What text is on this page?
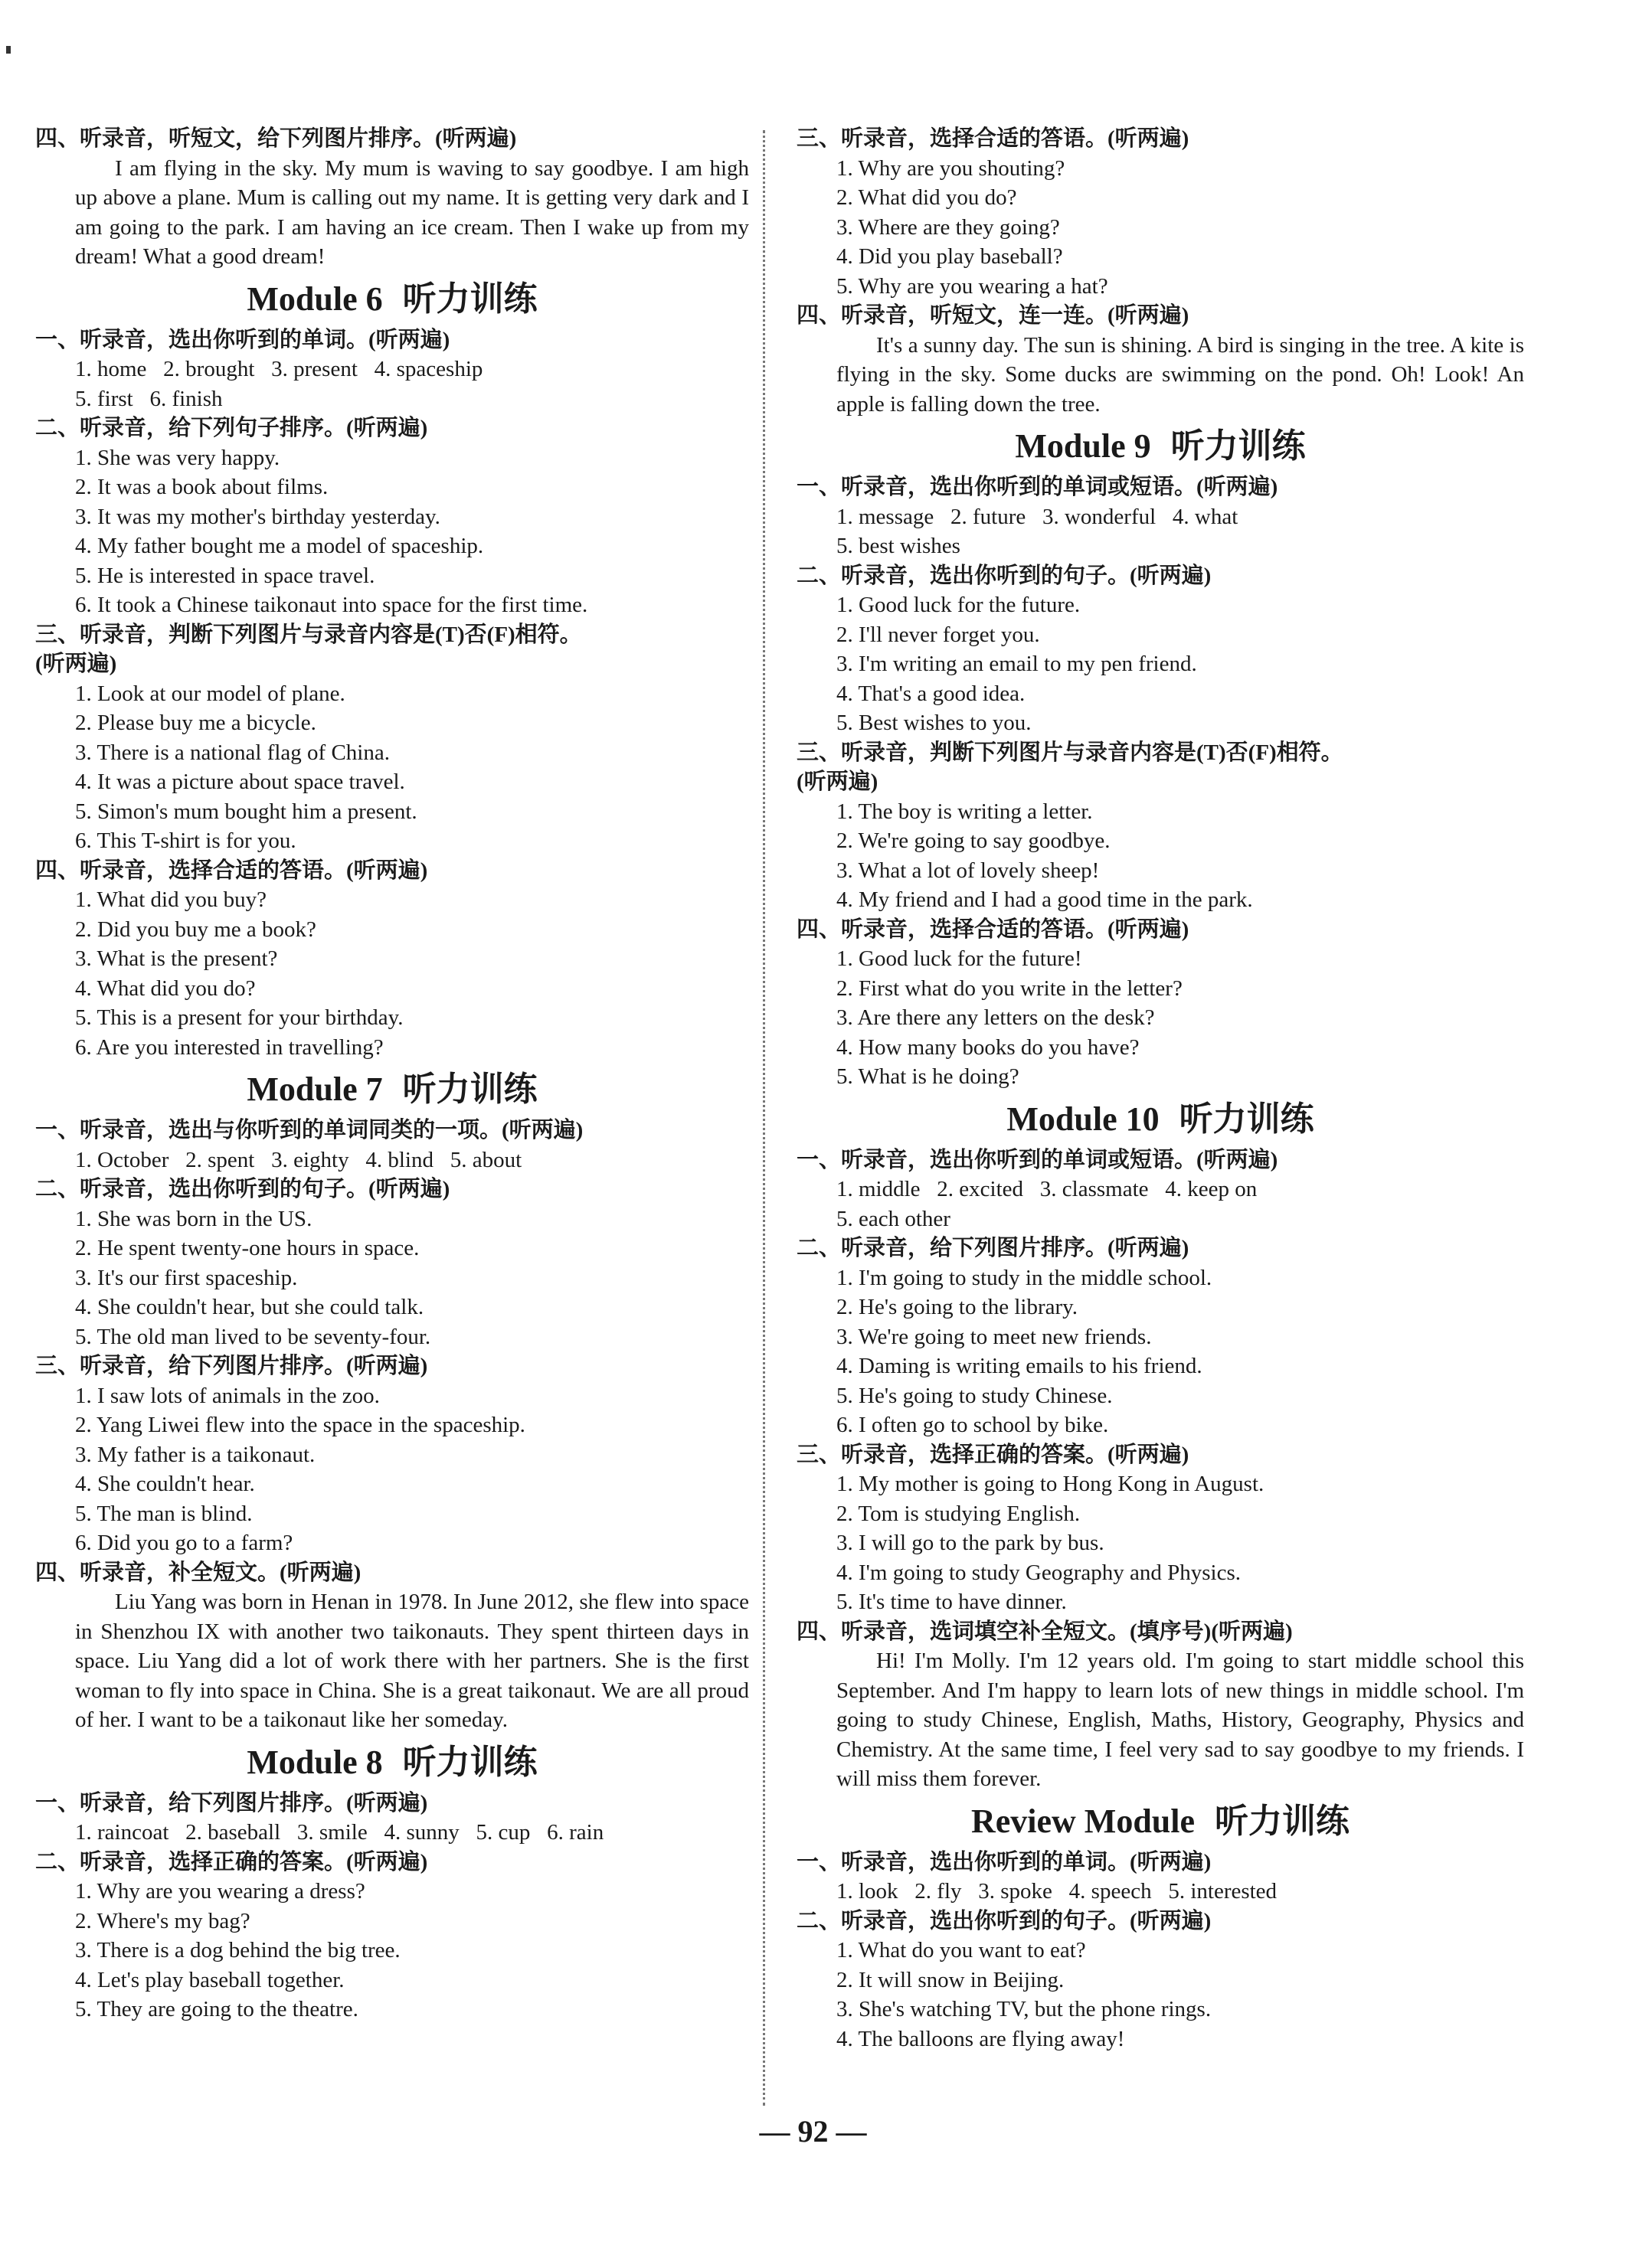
四、听录音，听短文，给下列图片排序。(听两遍)

I am flying in the sky. My mum is waving to say goodbye. I am high up above a plane. Mum is calling out my name. It is getting very dark and I am going to the park. I am having an ice cream. Then I wake up from my dream! What a good dream!

Module 6 听力训练
一、听录音，选出你听到的单词。(听两遍)
1. home   2. brought   3. present   4. spaceship
5. first   6. finish
二、听录音，给下列句子排序。(听两遍)
1. She was very happy.
2. It was a book about films.
3. It was my mother's birthday yesterday.
4. My father bought me a model of spaceship.
5. He is interested in space travel.
6. It took a Chinese taikonaut into space for the first time.
三、听录音，判断下列图片与录音内容是(T)否(F)相符。
(听两遍)
1. Look at our model of plane.
2. Please buy me a bicycle.
3. There is a national flag of China.
4. It was a picture about space travel.
5. Simon's mum bought him a present.
6. This T-shirt is for you.
四、听录音，选择合适的答语。(听两遍)
1. What did you buy?
2. Did you buy me a book?
3. What is the present?
4. What did you do?
5. This is a present for your birthday.
6. Are you interested in travelling?
Module 7 听力训练
一、听录音，选出与你听到的单词同类的一项。(听两遍)
1. October   2. spent   3. eighty   4. blind   5. about
二、听录音，选出你听到的句子。(听两遍)
1. She was born in the US.
2. He spent twenty-one hours in space.
3. It's our first spaceship.
4. She couldn't hear, but she could talk.
5. The old man lived to be seventy-four.
三、听录音，给下列图片排序。(听两遍)
1. I saw lots of animals in the zoo.
2. Yang Liwei flew into the space in the spaceship.
3. My father is a taikonaut.
4. She couldn't hear.
5. The man is blind.
6. Did you go to a farm?
四、听录音，补全短文。(听两遍)

Liu Yang was born in Henan in 1978. In June 2012, she flew into space in Shenzhou IX with another two taikonauts. They spent thirteen days in space. Liu Yang did a lot of work there with her partners. She is the first woman to fly into space in China. She is a great taikonaut. We are all proud of her. I want to be a taikonaut like her someday.

Module 8 听力训练
一、听录音，给下列图片排序。(听两遍)
1. raincoat   2. baseball   3. smile   4. sunny   5. cup   6. rain
二、听录音，选择正确的答案。(听两遍)
1. Why are you wearing a dress?
2. Where's my bag?
3. There is a dog behind the big tree.
4. Let's play baseball together.
5. They are going to the theatre.
三、听录音，选择合适的答语。(听两遍)
1. Why are you shouting?
2. What did you do?
3. Where are they going?
4. Did you play baseball?
5. Why are you wearing a hat?
四、听录音，听短文，连一连。(听两遍)

It's a sunny day. The sun is shining. A bird is singing in the tree. A kite is flying in the sky. Some ducks are swimming on the pond. Oh! Look! An apple is falling down the tree.

Module 9 听力训练
一、听录音，选出你听到的单词或短语。(听两遍)
1. message   2. future   3. wonderful   4. what
5. best wishes
二、听录音，选出你听到的句子。(听两遍)
1. Good luck for the future.
2. I'll never forget you.
3. I'm writing an email to my pen friend.
4. That's a good idea.
5. Best wishes to you.
三、听录音，判断下列图片与录音内容是(T)否(F)相符。
(听两遍)
1. The boy is writing a letter.
2. We're going to say goodbye.
3. What a lot of lovely sheep!
4. My friend and I had a good time in the park.
四、听录音，选择合适的答语。(听两遍)
1. Good luck for the future!
2. First what do you write in the letter?
3. Are there any letters on the desk?
4. How many books do you have?
5. What is he doing?
Module 10 听力训练
一、听录音，选出你听到的单词或短语。(听两遍)
1. middle   2. excited   3. classmate   4. keep on
5. each other
二、听录音，给下列图片排序。(听两遍)
1. I'm going to study in the middle school.
2. He's going to the library.
3. We're going to meet new friends.
4. Daming is writing emails to his friend.
5. He's going to study Chinese.
6. I often go to school by bike.
三、听录音，选择正确的答案。(听两遍)
1. My mother is going to Hong Kong in August.
2. Tom is studying English.
3. I will go to the park by bus.
4. I'm going to study Geography and Physics.
5. It's time to have dinner.
四、听录音，选词填空补全短文。(填序号)(听两遍)

Hi! I'm Molly. I'm 12 years old. I'm going to start middle school this September. And I'm happy to learn lots of new things in middle school. I'm going to study Chinese, English, Maths, History, Geography, Physics and Chemistry. At the same time, I feel very sad to say goodbye to my friends. I will miss them forever.

Review Module 听力训练
一、听录音，选出你听到的单词。(听两遍)
1. look   2. fly   3. spoke   4. speech   5. interested
二、听录音，选出你听到的句子。(听两遍)
1. What do you want to eat?
2. It will snow in Beijing.
3. She's watching TV, but the phone rings.
4. The balloons are flying away!
— 92 —
